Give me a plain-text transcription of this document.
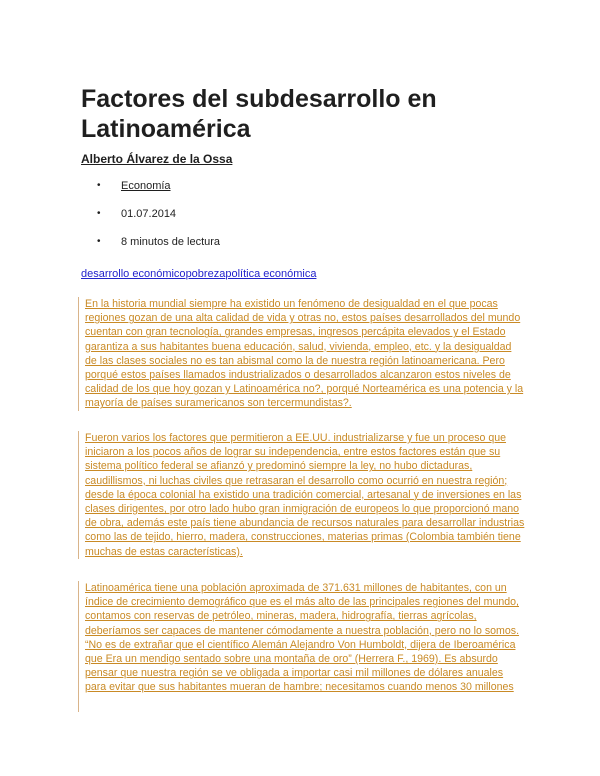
Factores del subdesarrollo en Latinoamérica
Alberto Álvarez de la Ossa
• Economía
• 01.07.2014
• 8 minutos de lectura
desarrollo económicopobrezapolítica económica

En la historia mundial siempre ha existido un fenómeno de desigualdad en el que pocas regiones gozan de una alta calidad de vida y otras no, estos países desarrollados del mundo cuentan con gran tecnología, grandes empresas, ingresos percápita elevados y el Estado garantiza a sus habitantes buena educación, salud, vivienda, empleo, etc. y la desigualdad de las clases sociales no es tan abismal como la de nuestra región latinoamericana. Pero porqué estos países llamados industrializados o desarrollados alcanzaron estos niveles de calidad de los que hoy gozan y Latinoamérica no?, porqué Norteamérica es una potencia y la mayoría de países suramericanos son tercermundistas?.

Fueron varios los factores que permitieron a EE.UU. industrializarse y fue un proceso que iniciaron a los pocos años de lograr su independencia, entre estos factores están que su sistema político federal se afianzó y predominó siempre la ley, no hubo dictaduras, caudillismos, ni luchas civiles que retrasaran el desarrollo como ocurrió en nuestra región; desde la época colonial ha existido una tradición comercial, artesanal y de inversiones en las clases dirigentes, por otro lado hubo gran inmigración de europeos lo que proporcionó mano de obra, además este país tiene abundancia de recursos naturales para desarrollar industrias como las de tejido, hierro, madera, construcciones, materias primas (Colombia también tiene muchas de estas características).

Latinoamérica tiene una población aproximada de 371.631 millones de habitantes, con un índice de crecimiento demográfico que es el más alto de las principales regiones del mundo, contamos con reservas de petróleo, mineras, madera, hidrografía, tierras agrícolas, deberíamos ser capaces de mantener cómodamente a nuestra población, pero no lo somos. “No es de extrañar que el científico Alemán Alejandro Von Humboldt, dijera de Iberoamérica que Era un mendigo sentado sobre una montaña de oro” (Herrera F., 1969). Es absurdo pensar que nuestra región se ve obligada a importar casi mil millones de dólares anuales para evitar que sus habitantes mueran de hambre; necesitamos cuando menos 30 millones
